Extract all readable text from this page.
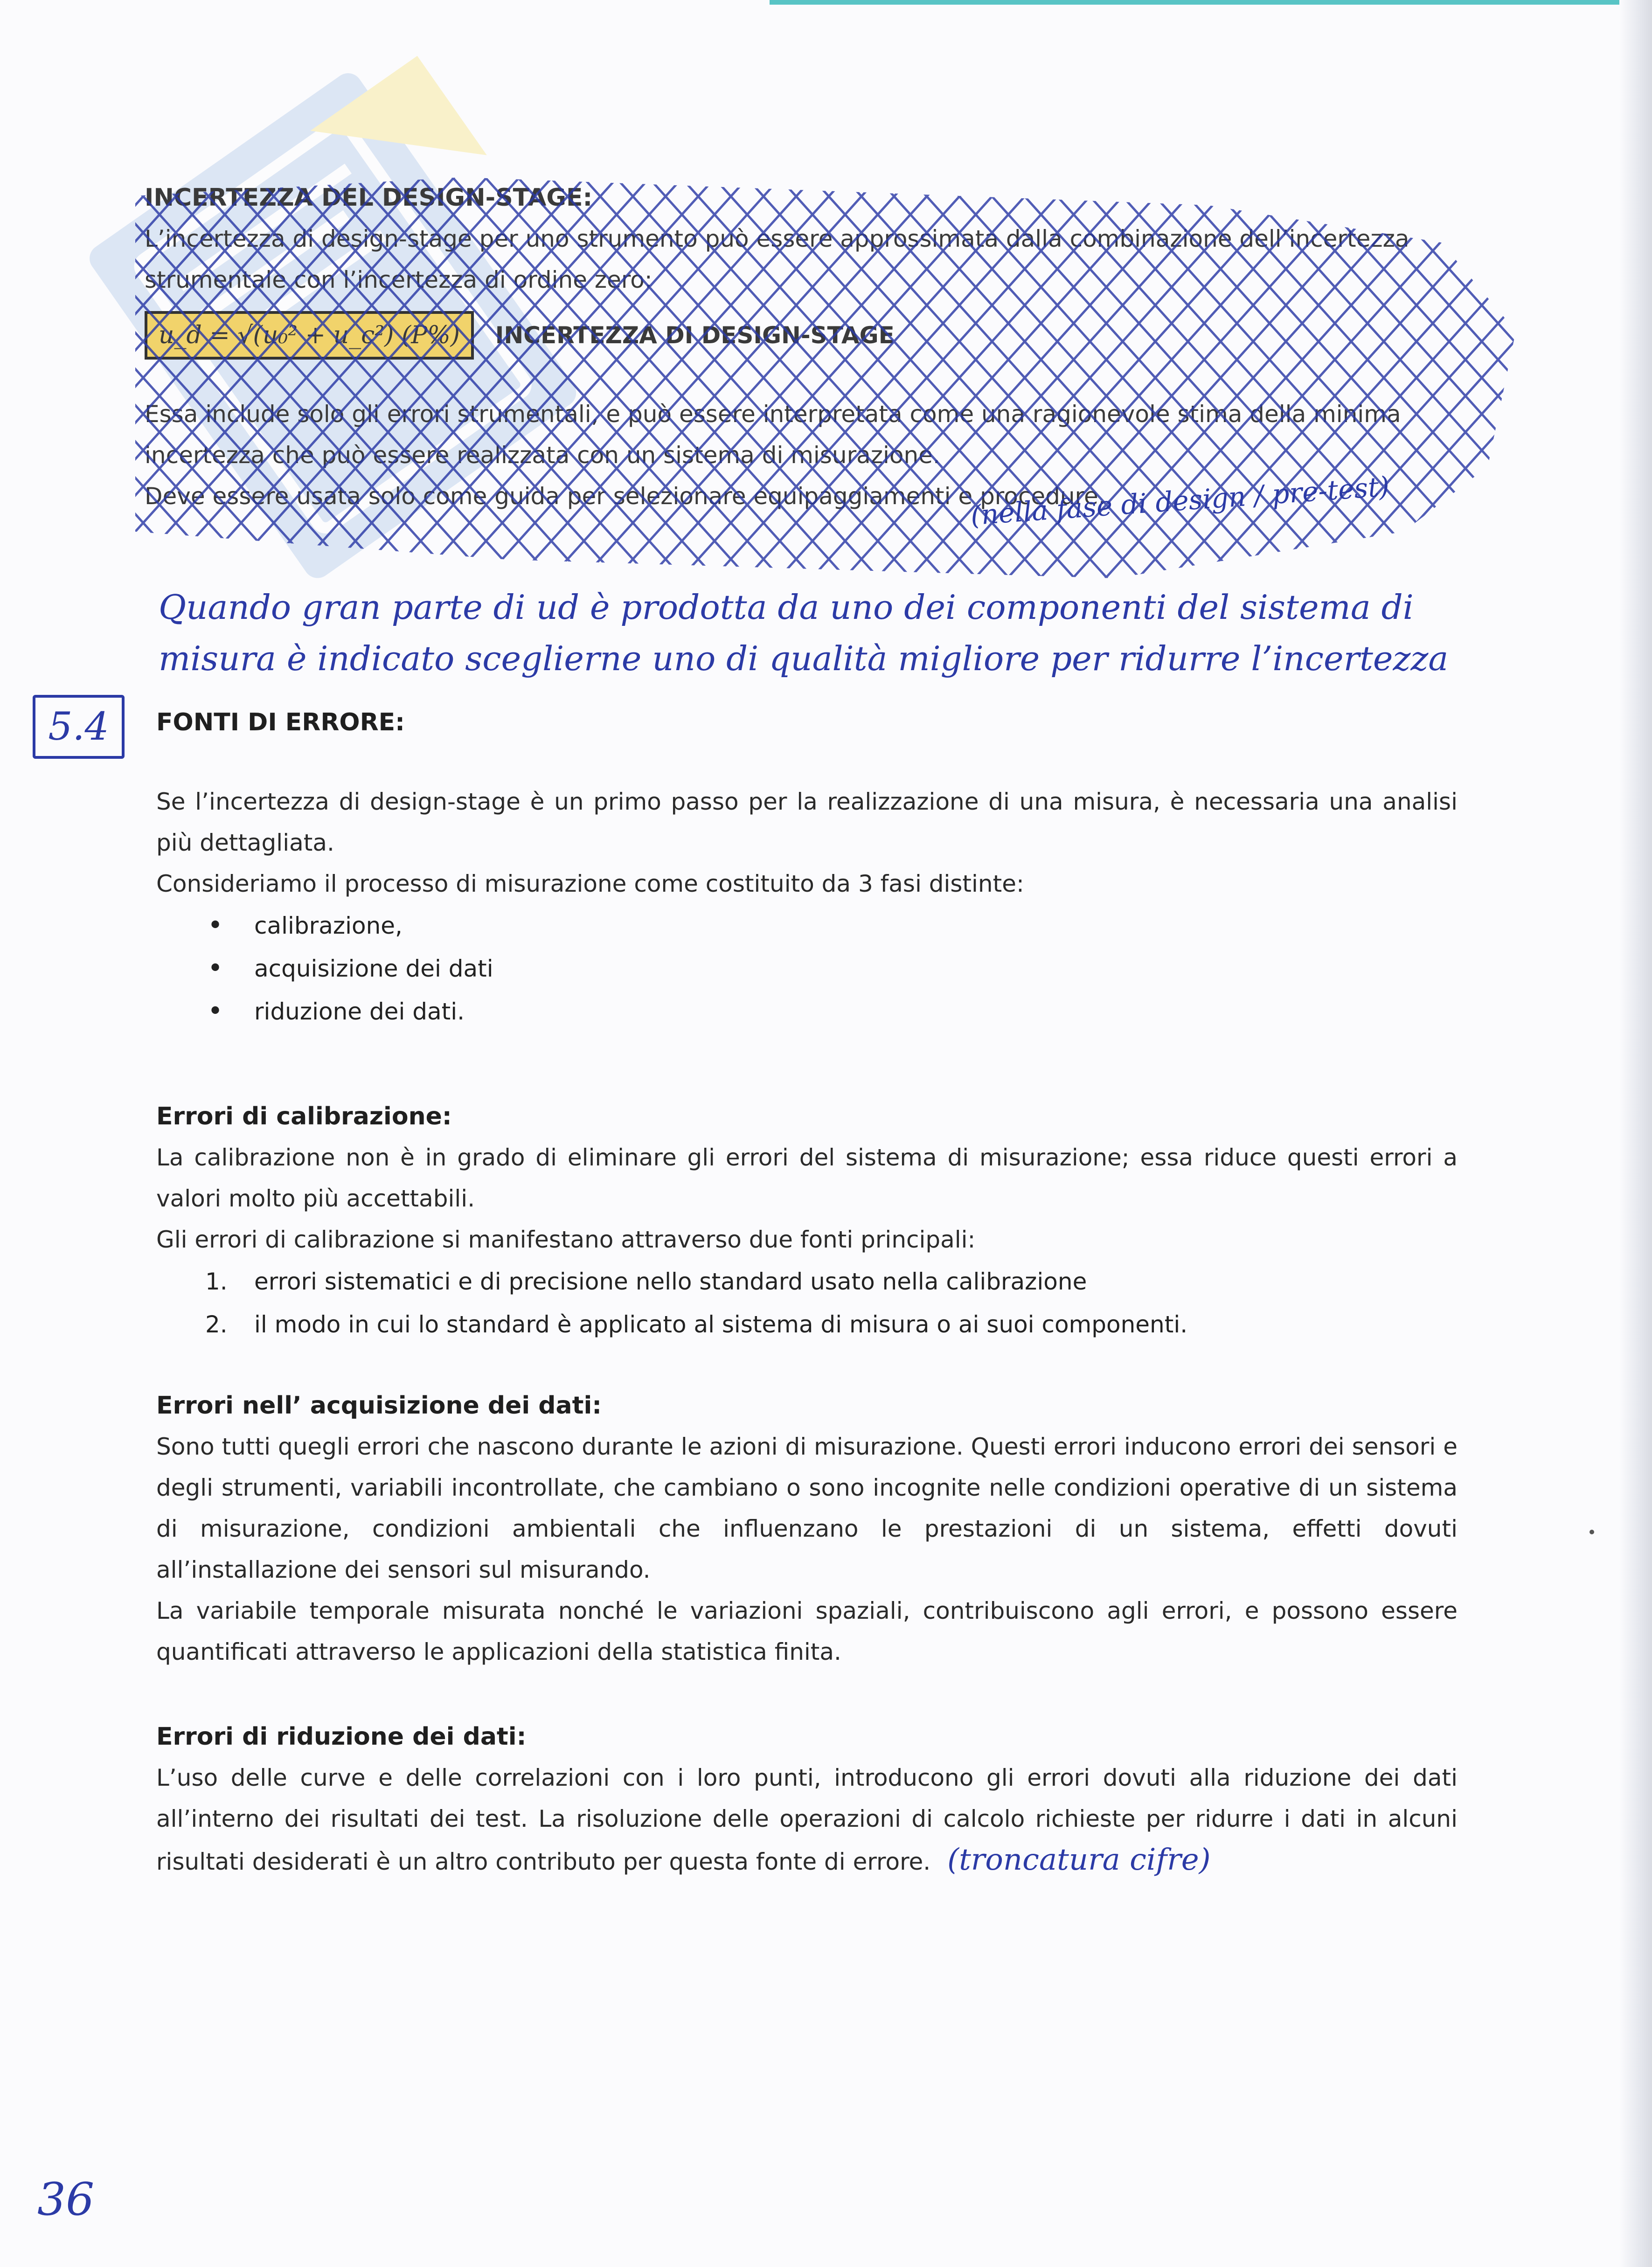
INCERTEZZA DEL DESIGN-STAGE:
L’incertezza di design-stage per uno strumento può essere approssimata dalla combinazione dell’incertezza
strumentale con l’incertezza di ordine zero:
u_d = √(u₀² + u_c²) (P%) INCERTEZZA DI DESIGN-STAGE
Essa include solo gli errori strumentali, e può essere interpretata come una ragionevole stima della minima
incertezza che può essere realizzata con un sistema di misurazione.
Deve essere usata solo come guida per selezionare equipaggiamenti e procedure.
(nella fase di design / pre-test)
Quando gran parte di ud è prodotta da uno dei componenti del sistema di
misura è indicato sceglierne uno di qualità migliore per ridurre l’incertezza
5.4	FONTI DI ERRORE:

Se l’incertezza di design-stage è un primo passo per la realizzazione di una misura, è necessaria una analisi più dettagliata.

Consideriamo il processo di misurazione come costituito da 3 fasi distinte:

• calibrazione,
• acquisizione dei dati
• riduzione dei dati.

Errori di calibrazione:

La calibrazione non è in grado di eliminare gli errori del sistema di misurazione; essa riduce questi errori a valori molto più accettabili.

Gli errori di calibrazione si manifestano attraverso due fonti principali:

1. errori sistematici e di precisione nello standard usato nella calibrazione
2. il modo in cui lo standard è applicato al sistema di misura o ai suoi componenti.

Errori nell’ acquisizione dei dati:

Sono tutti quegli errori che nascono durante le azioni di misurazione. Questi errori inducono errori dei sensori e degli strumenti, variabili incontrollate, che cambiano o sono incognite nelle condizioni operative di un sistema di misurazione, condizioni ambientali che influenzano le prestazioni di un sistema, effetti dovuti all’installazione dei sensori sul misurando.

La variabile temporale misurata nonché le variazioni spaziali, contribuiscono agli errori, e possono essere quantificati attraverso le applicazioni della statistica finita.

Errori di riduzione dei dati:

L’uso delle curve e delle correlazioni con i loro punti, introducono gli errori dovuti alla riduzione dei dati all’interno dei risultati dei test. La risoluzione delle operazioni di calcolo richieste per ridurre i dati in alcuni risultati desiderati è un altro contributo per questa fonte di errore. (troncatura cifre)

36
